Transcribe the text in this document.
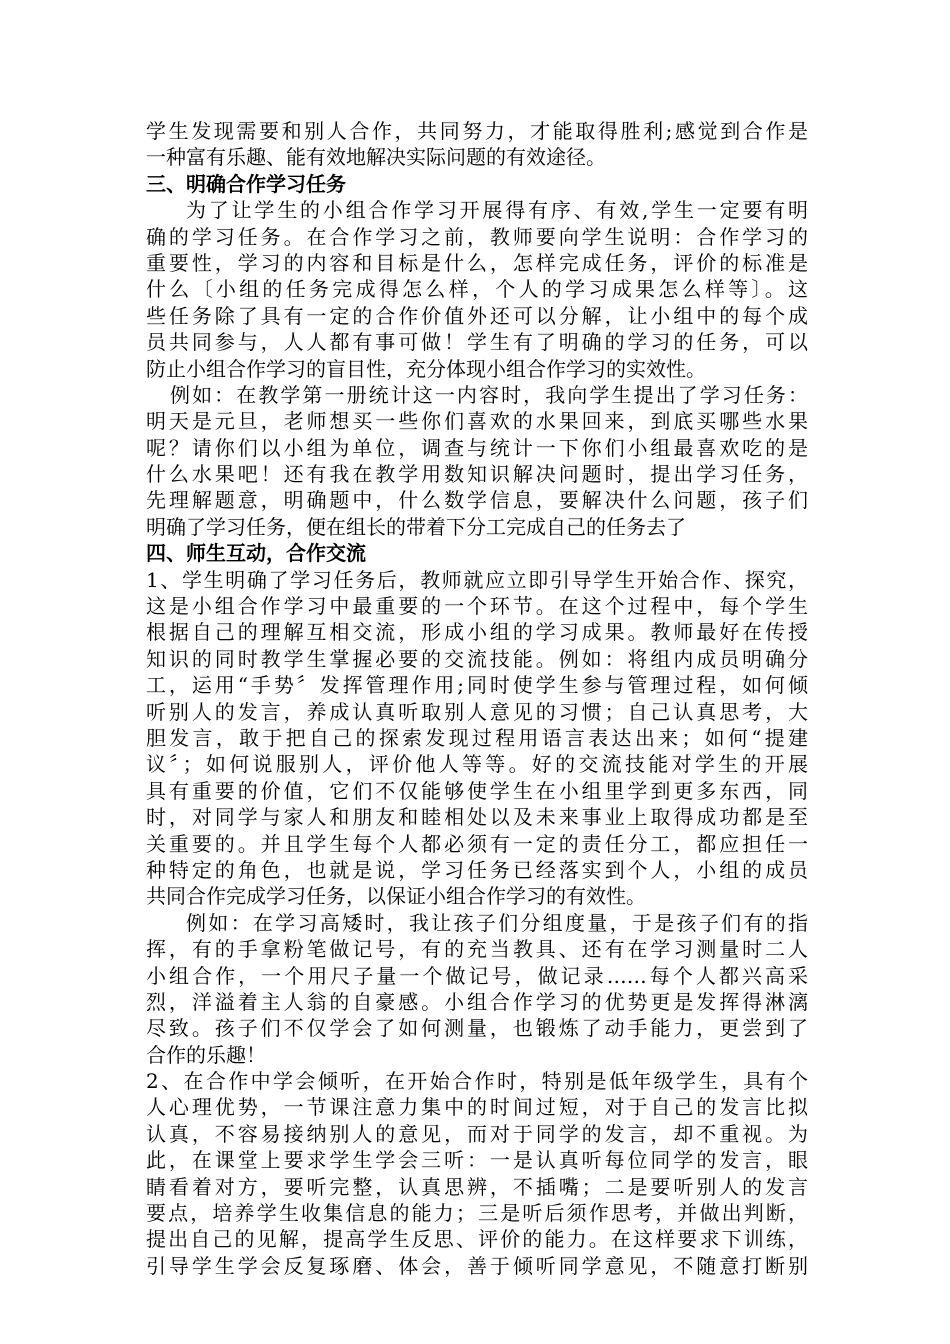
学生发现需要和别人合作，共同努力，才能取得胜利;感觉到合作是
一种富有乐趣、能有效地解决实际问题的有效途径。
三、明确合作学习任务
为了让学生的小组合作学习开展得有序、有效,学生一定要有明
确的学习任务。在合作学习之前，教师要向学生说明：合作学习的
重要性，学习的内容和目标是什么，怎样完成任务，评价的标准是
什么〔小组的任务完成得怎么样，个人的学习成果怎么样等〕。这
些任务除了具有一定的合作价值外还可以分解，让小组中的每个成
员共同参与，人人都有事可做！学生有了明确的学习的任务，可以
防止小组合作学习的盲目性，充分体现小组合作学习的实效性。
例如：在教学第一册统计这一内容时，我向学生提出了学习任务：
明天是元旦，老师想买一些你们喜欢的水果回来，到底买哪些水果
呢？请你们以小组为单位，调查与统计一下你们小组最喜欢吃的是
什么水果吧！还有我在教学用数知识解决问题时，提出学习任务，
先理解题意，明确题中，什么数学信息，要解决什么问题，孩子们
明确了学习任务，便在组长的带着下分工完成自己的任务去了
四、师生互动，合作交流
1、学生明确了学习任务后，教师就应立即引导学生开始合作、探究，
这是小组合作学习中最重要的一个环节。在这个过程中，每个学生
根据自己的理解互相交流，形成小组的学习成果。教师最好在传授
知识的同时教学生掌握必要的交流技能。例如：将组内成员明确分
工，运用“手势〞发挥管理作用;同时使学生参与管理过程，如何倾
听别人的发言，养成认真听取别人意见的习惯；自己认真思考，大
胆发言，敢于把自己的探索发现过程用语言表达出来；如何“提建
议〞；如何说服别人，评价他人等等。好的交流技能对学生的开展
具有重要的价值，它们不仅能够使学生在小组里学到更多东西，同
时，对同学与家人和朋友和睦相处以及未来事业上取得成功都是至
关重要的。并且学生每个人都必须有一定的责任分工，都应担任一
种特定的角色，也就是说，学习任务已经落实到个人，小组的成员
共同合作完成学习任务，以保证小组合作学习的有效性。
例如：在学习高矮时，我让孩子们分组度量，于是孩子们有的指
挥，有的手拿粉笔做记号，有的充当教具、还有在学习测量时二人
小组合作，一个用尺子量一个做记号，做记录……每个人都兴高采
烈，洋溢着主人翁的自豪感。小组合作学习的优势更是发挥得淋漓
尽致。孩子们不仅学会了如何测量，也锻炼了动手能力，更尝到了
合作的乐趣！
2、在合作中学会倾听，在开始合作时，特别是低年级学生，具有个
人心理优势，一节课注意力集中的时间过短，对于自己的发言比拟
认真，不容易接纳别人的意见，而对于同学的发言，却不重视。为
此，在课堂上要求学生学会三听：一是认真听每位同学的发言，眼
睛看着对方，要听完整，认真思辨，不插嘴；二是要听别人的发言
要点，培养学生收集信息的能力；三是听后须作思考，并做出判断，
提出自己的见解，提高学生反思、评价的能力。在这样要求下训练，
引导学生学会反复琢磨、体会，善于倾听同学意见，不随意打断别
